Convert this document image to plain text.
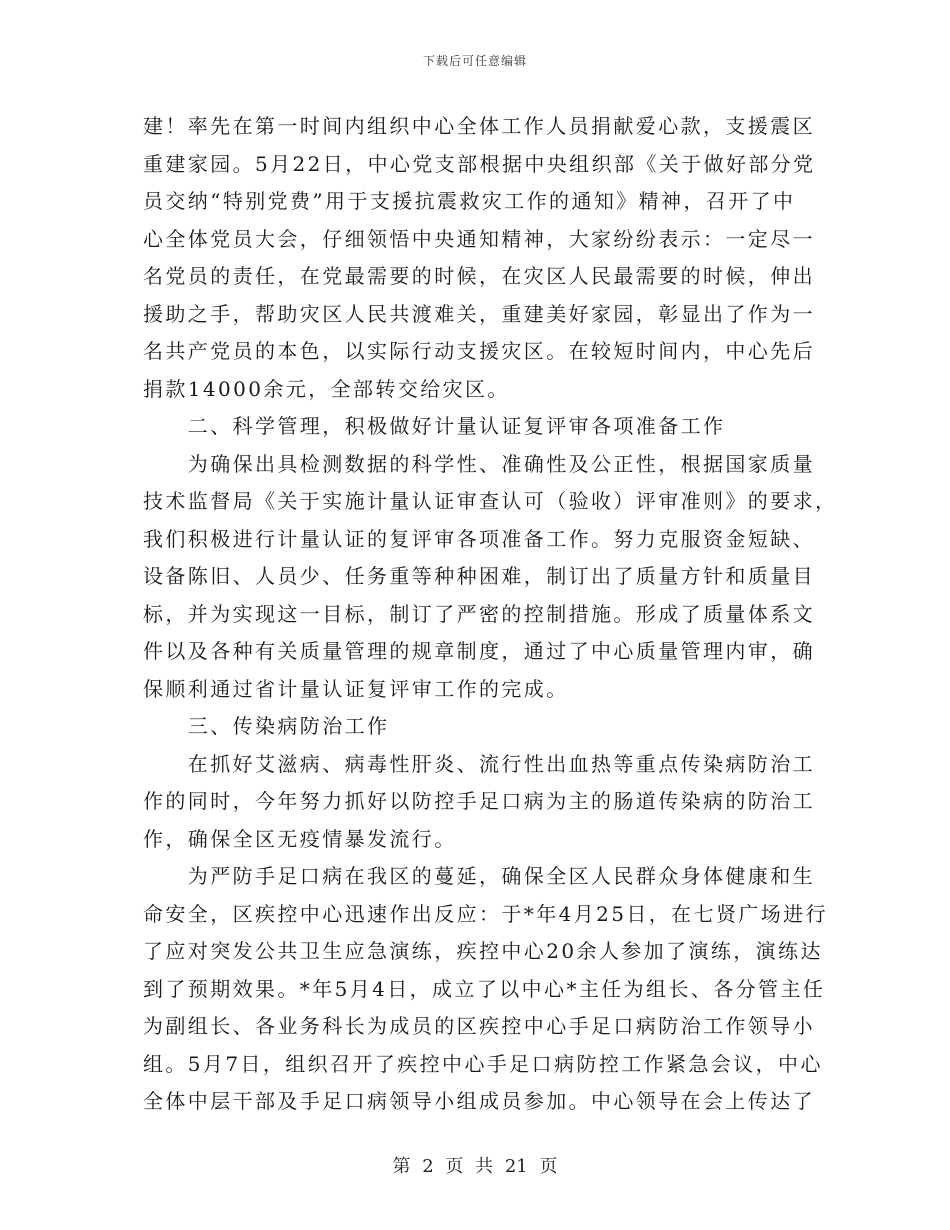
下载后可任意编辑
建！率先在第一时间内组织中心全体工作人员捐献爱心款，支援震区
重建家园。5月22日，中心党支部根据中央组织部《关于做好部分党
员交纳“特别党费”用于支援抗震救灾工作的通知》精神，召开了中
心全体党员大会，仔细领悟中央通知精神，大家纷纷表示：一定尽一
名党员的责任，在党最需要的时候，在灾区人民最需要的时候，伸出
援助之手，帮助灾区人民共渡难关，重建美好家园，彰显出了作为一
名共产党员的本色，以实际行动支援灾区。在较短时间内，中心先后
捐款14000余元，全部转交给灾区。
　　二、科学管理，积极做好计量认证复评审各项准备工作
　　为确保出具检测数据的科学性、准确性及公正性，根据国家质量
技术监督局《关于实施计量认证审查认可（验收）评审准则》的要求，
我们积极进行计量认证的复评审各项准备工作。努力克服资金短缺、
设备陈旧、人员少、任务重等种种困难，制订出了质量方针和质量目
标，并为实现这一目标，制订了严密的控制措施。形成了质量体系文
件以及各种有关质量管理的规章制度，通过了中心质量管理内审，确
保顺利通过省计量认证复评审工作的完成。
　　三、传染病防治工作
　　在抓好艾滋病、病毒性肝炎、流行性出血热等重点传染病防治工
作的同时，今年努力抓好以防控手足口病为主的肠道传染病的防治工
作，确保全区无疫情暴发流行。
　　为严防手足口病在我区的蔓延，确保全区人民群众身体健康和生
命安全，区疾控中心迅速作出反应：于*年4月25日，在七贤广场进行
了应对突发公共卫生应急演练，疾控中心20余人参加了演练，演练达
到了预期效果。*年5月4日，成立了以中心*主任为组长、各分管主任
为副组长、各业务科长为成员的区疾控中心手足口病防治工作领导小
组。5月7日，组织召开了疾控中心手足口病防控工作紧急会议，中心
全体中层干部及手足口病领导小组成员参加。中心领导在会上传达了
第 2 页 共 21 页
